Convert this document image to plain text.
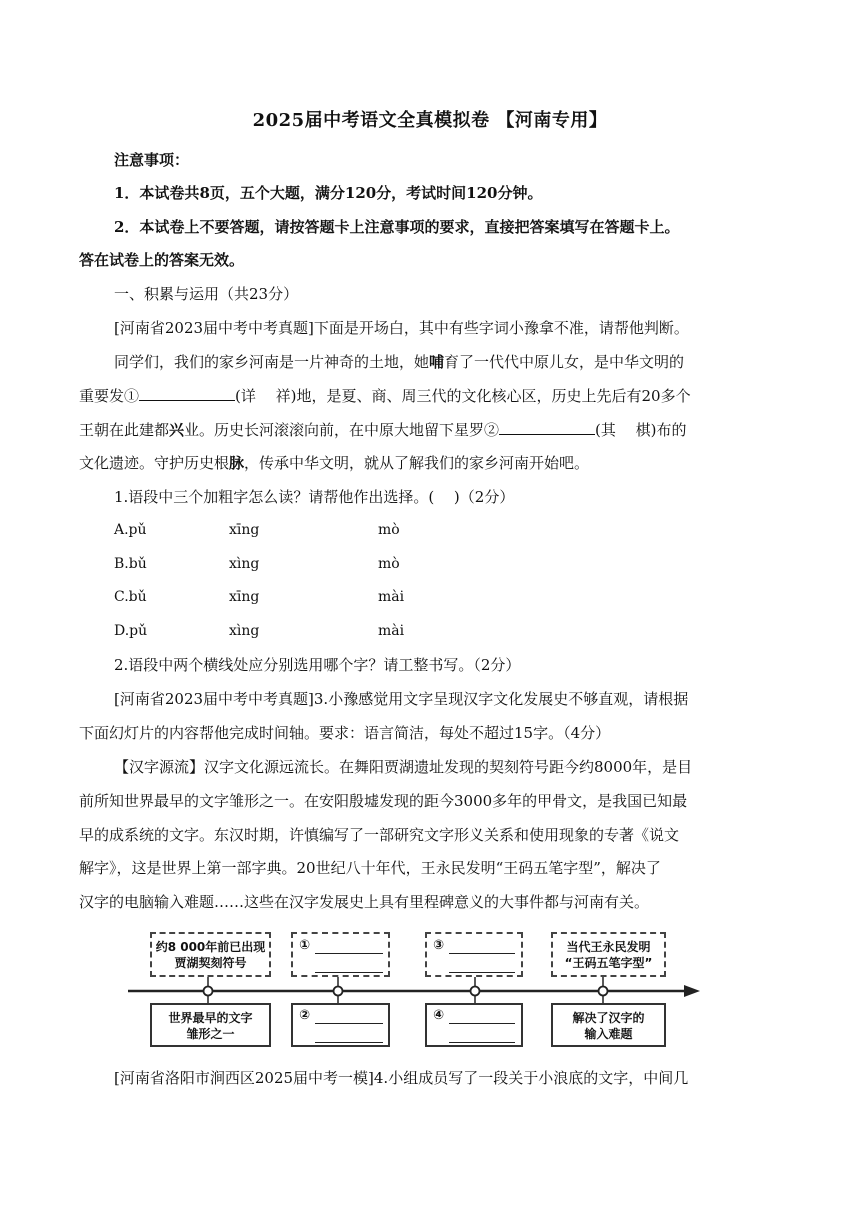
2025届中考语文全真模拟卷 【河南专用】
注意事项：
1．本试卷共8页，五个大题，满分120分，考试时间120分钟。
2．本试卷上不要答题，请按答题卡上注意事项的要求，直接把答案填写在答题卡上。
答在试卷上的答案无效。
一、积累与运用（共23分）
[河南省2023届中考中考真题]下面是开场白，其中有些字词小豫拿不准，请帮他判断。
同学们，我们的家乡河南是一片神奇的土地，她哺育了一代代中原儿女，是中华文明的
重要发①	(详　 祥)地，是夏、商、周三代的文化核心区，历史上先后有20多个
王朝在此建都兴业。历史长河滚滚向前，在中原大地留下星罗②	(其　 棋)布的
文化遗迹。守护历史根脉，传承中华文明，就从了解我们的家乡河南开始吧。
1.语段中三个加粗字怎么读？请帮他作出选择。(　 )（2分）
A.pǔ	xīng	mò
B.bǔ	xìng	mò
C.bǔ	xīng	mài
D.pǔ	xìng	mài
2.语段中两个横线处应分别选用哪个字？请工整书写。（2分）
[河南省2023届中考中考真题]3.小豫感觉用文字呈现汉字文化发展史不够直观，请根据
下面幻灯片的内容帮他完成时间轴。要求：语言简洁，每处不超过15字。（4分）
【汉字源流】汉字文化源远流长。在舞阳贾湖遗址发现的契刻符号距今约8000年，是目
前所知世界最早的文字雏形之一。在安阳殷墟发现的距今3000多年的甲骨文，是我国已知最
早的成系统的文字。东汉时期，许慎编写了一部研究文字形义关系和使用现象的专著《说文
解字》，这是世界上第一部字典。20世纪八十年代，王永民发明“王码五笔字型”，解决了
汉字的电脑输入难题……这些在汉字发展史上具有里程碑意义的大事件都与河南有关。
约8 000年前已出现
贾湖契刻符号
①	③	当代王永民发明
“王码五笔字型”
世界最早的文字
雏形之一
②	④	解决了汉字的
输入难题
[河南省洛阳市涧西区2025届中考一模]4.小组成员写了一段关于小浪底的文字，中间几
